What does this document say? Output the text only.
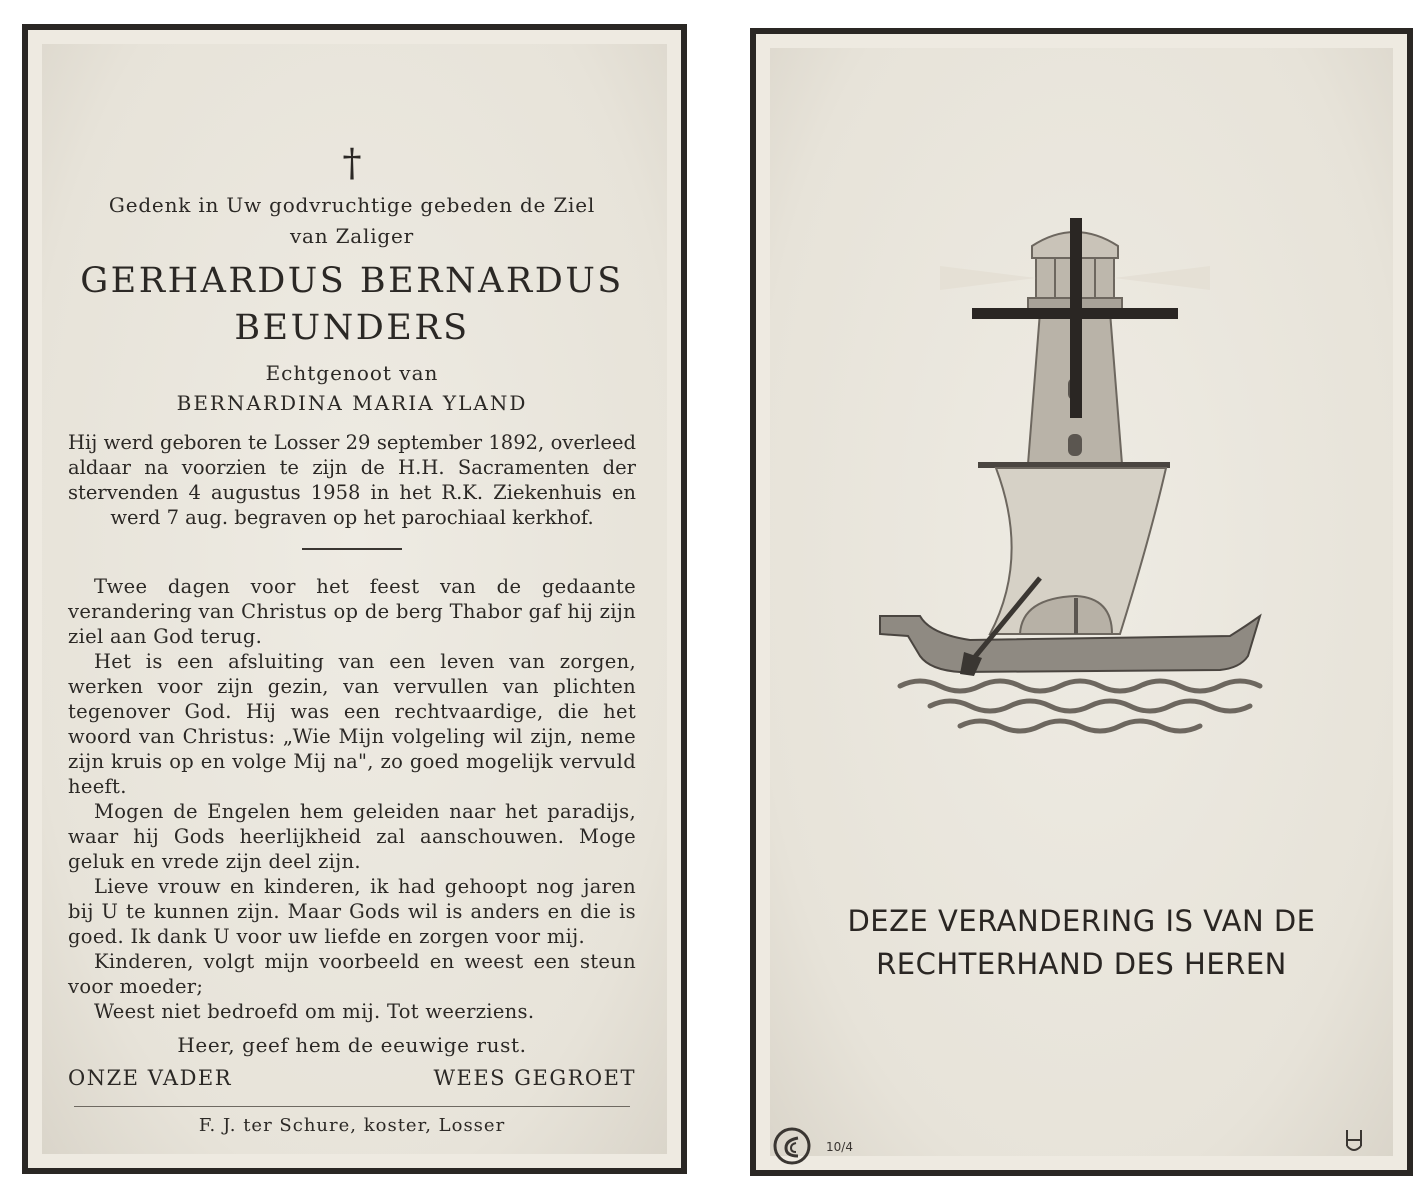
†
Gedenk in Uw godvruchtige gebeden de Ziel
van Zaliger
GERHARDUS BERNARDUS
BEUNDERS
Echtgenoot van
BERNARDINA MARIA YLAND
Hij werd geboren te Losser 29 september 1892, overleed aldaar na voorzien te zijn de H.H. Sacramenten der stervenden 4 augustus 1958 in het R.K. Ziekenhuis en werd 7 aug. begraven op het parochiaal kerkhof.

Twee dagen voor het feest van de gedaante verandering van Christus op de berg Thabor gaf hij zijn ziel aan God terug.

Het is een afsluiting van een leven van zorgen, werken voor zijn gezin, van vervullen van plichten tegenover God. Hij was een rechtvaardige, die het woord van Christus: „Wie Mijn volgeling wil zijn, neme zijn kruis op en volge Mij na", zo goed mogelijk vervuld heeft.

Mogen de Engelen hem geleiden naar het paradijs, waar hij Gods heerlijkheid zal aanschouwen. Moge geluk en vrede zijn deel zijn.

Lieve vrouw en kinderen, ik had gehoopt nog jaren bij U te kunnen zijn. Maar Gods wil is anders en die is goed. Ik dank U voor uw liefde en zorgen voor mij.

Kinderen, volgt mijn voorbeeld en weest een steun voor moeder;

Weest niet bedroefd om mij. Tot weerziens.

Heer, geef hem de eeuwige rust.
ONZE VADER	WEES GEGROET
F. J. ter Schure, koster, Losser
DEZE VERANDERING IS VAN DE
RECHTERHAND DES HEREN
10/4
